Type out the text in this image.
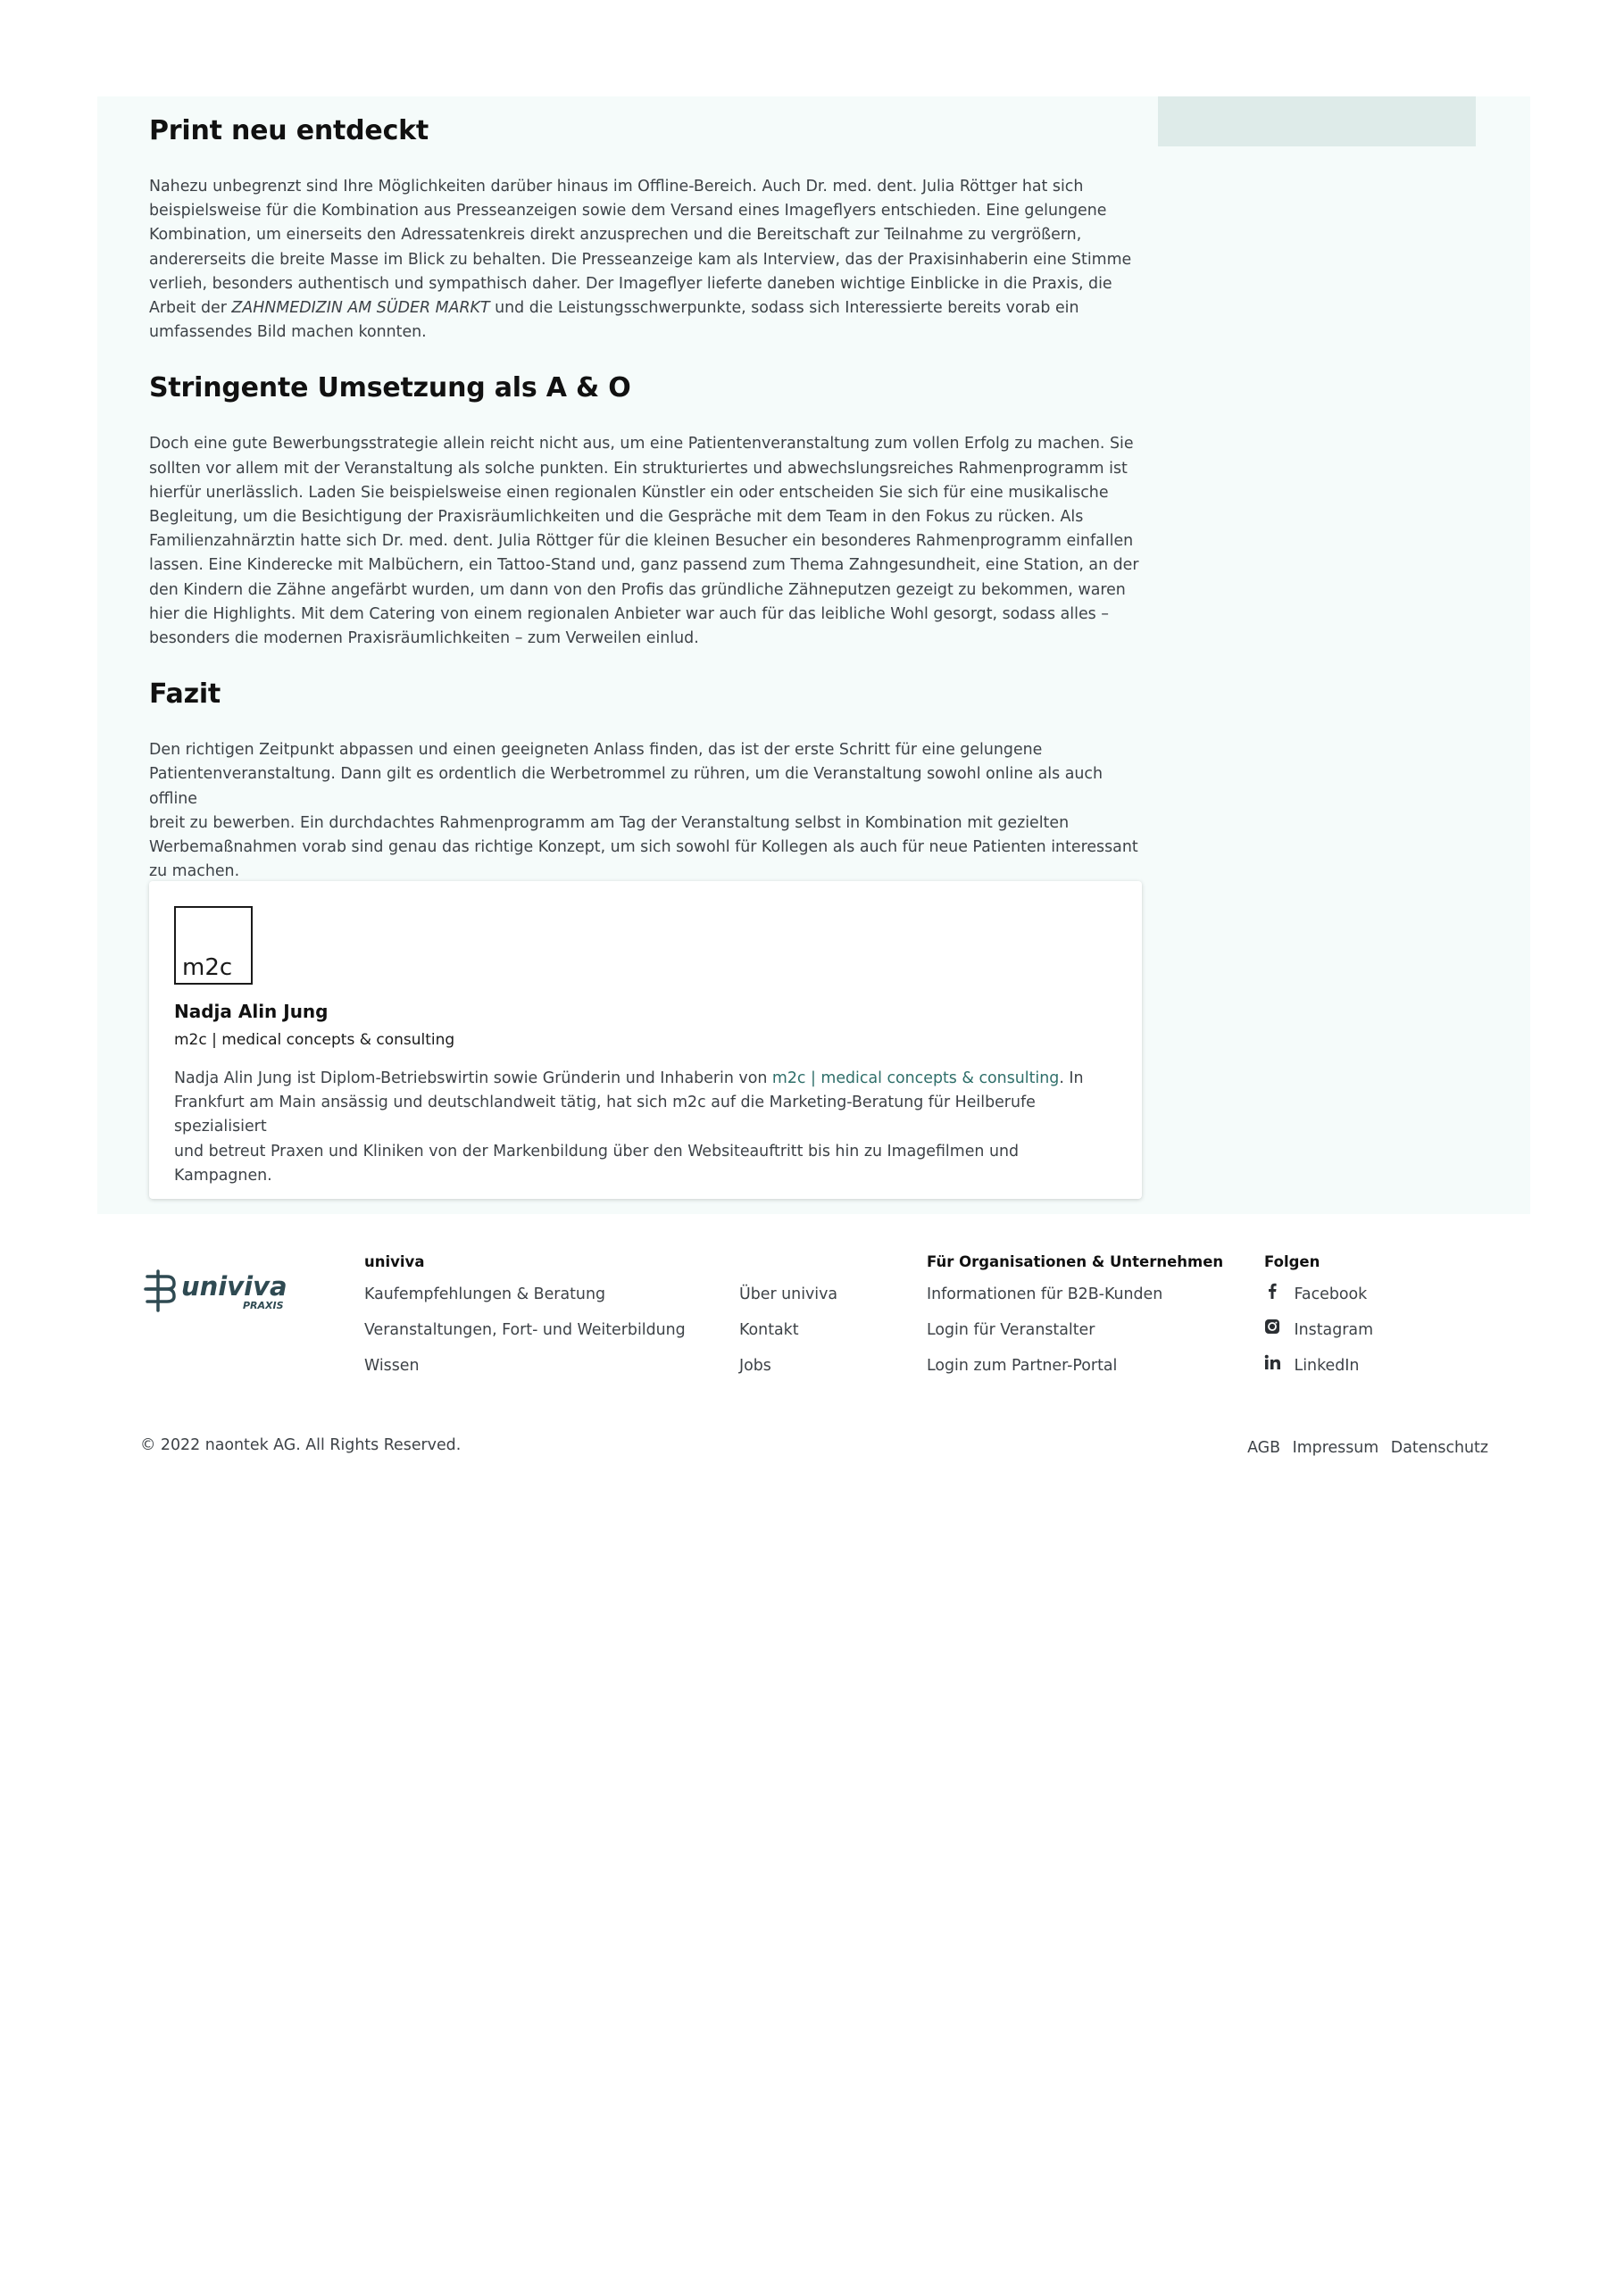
Print neu entdeckt

Nahezu unbegrenzt sind Ihre Möglichkeiten darüber hinaus im Offline-Bereich. Auch Dr. med. dent. Julia Röttger hat sich
beispielsweise für die Kombination aus Presseanzeigen sowie dem Versand eines Imageflyers entschieden. Eine gelungene
Kombination, um einerseits den Adressatenkreis direkt anzusprechen und die Bereitschaft zur Teilnahme zu vergrößern,
andererseits die breite Masse im Blick zu behalten. Die Presseanzeige kam als Interview, das der Praxisinhaberin eine Stimme
verlieh, besonders authentisch und sympathisch daher. Der Imageflyer lieferte daneben wichtige Einblicke in die Praxis, die
Arbeit der ZAHNMEDIZIN AM SÜDER MARKT und die Leistungsschwerpunkte, sodass sich Interessierte bereits vorab ein
umfassendes Bild machen konnten.

Stringente Umsetzung als A & O

Doch eine gute Bewerbungsstrategie allein reicht nicht aus, um eine Patientenveranstaltung zum vollen Erfolg zu machen. Sie
sollten vor allem mit der Veranstaltung als solche punkten. Ein strukturiertes und abwechslungsreiches Rahmenprogramm ist
hierfür unerlässlich. Laden Sie beispielsweise einen regionalen Künstler ein oder entscheiden Sie sich für eine musikalische
Begleitung, um die Besichtigung der Praxisräumlichkeiten und die Gespräche mit dem Team in den Fokus zu rücken. Als
Familienzahnärztin hatte sich Dr. med. dent. Julia Röttger für die kleinen Besucher ein besonderes Rahmenprogramm einfallen
lassen. Eine Kinderecke mit Malbüchern, ein Tattoo-Stand und, ganz passend zum Thema Zahngesundheit, eine Station, an der
den Kindern die Zähne angefärbt wurden, um dann von den Profis das gründliche Zähneputzen gezeigt zu bekommen, waren
hier die Highlights. Mit dem Catering von einem regionalen Anbieter war auch für das leibliche Wohl gesorgt, sodass alles –
besonders die modernen Praxisräumlichkeiten – zum Verweilen einlud.

Fazit

Den richtigen Zeitpunkt abpassen und einen geeigneten Anlass finden, das ist der erste Schritt für eine gelungene
Patientenveranstaltung. Dann gilt es ordentlich die Werbetrommel zu rühren, um die Veranstaltung sowohl online als auch offline
breit zu bewerben. Ein durchdachtes Rahmenprogramm am Tag der Veranstaltung selbst in Kombination mit gezielten
Werbemaßnahmen vorab sind genau das richtige Konzept, um sich sowohl für Kollegen als auch für neue Patienten interessant
zu machen.

m2c
Nadja Alin Jung
m2c | medical concepts & consulting
Nadja Alin Jung ist Diplom-Betriebswirtin sowie Gründerin und Inhaberin von m2c | medical concepts & consulting. In
Frankfurt am Main ansässig und deutschlandweit tätig, hat sich m2c auf die Marketing-Beratung für Heilberufe spezialisiert
und betreut Praxen und Kliniken von der Markenbildung über den Websiteauftritt bis hin zu Imagefilmen und Kampagnen.
univiva
PRAXIS
univiva
Kaufempfehlungen & Beratung
Veranstaltungen, Fort- und Weiterbildung
Wissen
Über univiva
Kontakt
Jobs
Für Organisationen & Unternehmen
Informationen für B2B-Kunden
Login für Veranstalter
Login zum Partner-Portal
Folgen
Facebook
Instagram
LinkedIn
© 2022 naontek AG. All Rights Reserved.	AGB Impressum Datenschutz
